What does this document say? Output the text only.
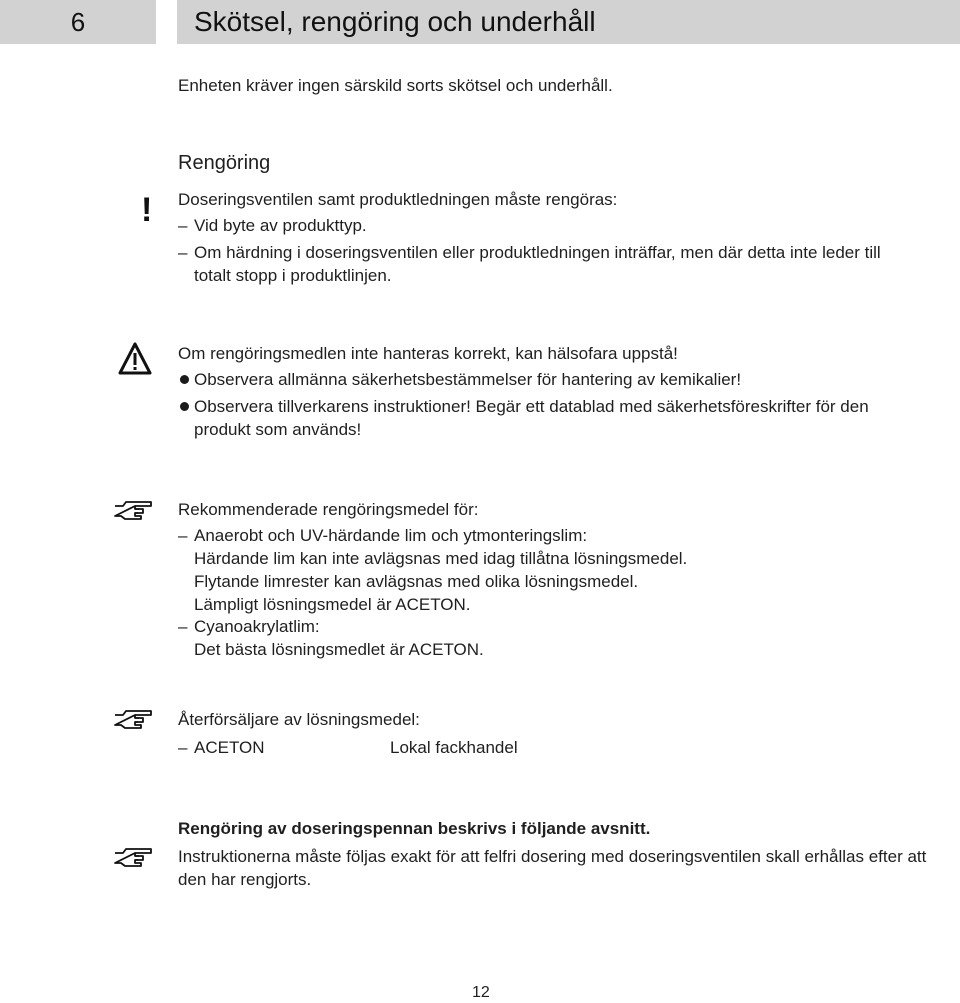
6	Skötsel, rengöring och underhåll
Enheten kräver ingen särskild sorts skötsel och underhåll.
Rengöring
! Doseringsventilen samt produktledningen måste rengöras:
– Vid byte av produkttyp.
– Om härdning i doseringsventilen eller produktledningen inträffar, men där detta inte leder till
totalt stopp i produktlinjen.
Om rengöringsmedlen inte hanteras korrekt, kan hälsofara uppstå!
Observera allmänna säkerhetsbestämmelser för hantering av kemikalier!
Observera tillverkarens instruktioner! Begär ett datablad med säkerhetsföreskrifter för den
produkt som används!
Rekommenderade rengöringsmedel för:
– Anaerobt och UV-härdande lim och ytmonteringslim:
Härdande lim kan inte avlägsnas med idag tillåtna lösningsmedel.
Flytande limrester kan avlägsnas med olika lösningsmedel.
Lämpligt lösningsmedel är ACETON.
– Cyanoakrylatlim:
Det bästa lösningsmedlet är ACETON.
Återförsäljare av lösningsmedel:
– ACETON	Lokal fackhandel
Rengöring av doseringspennan beskrivs i följande avsnitt.
Instruktionerna måste följas exakt för att felfri dosering med doseringsventilen skall erhållas efter att
den har rengjorts.
12
